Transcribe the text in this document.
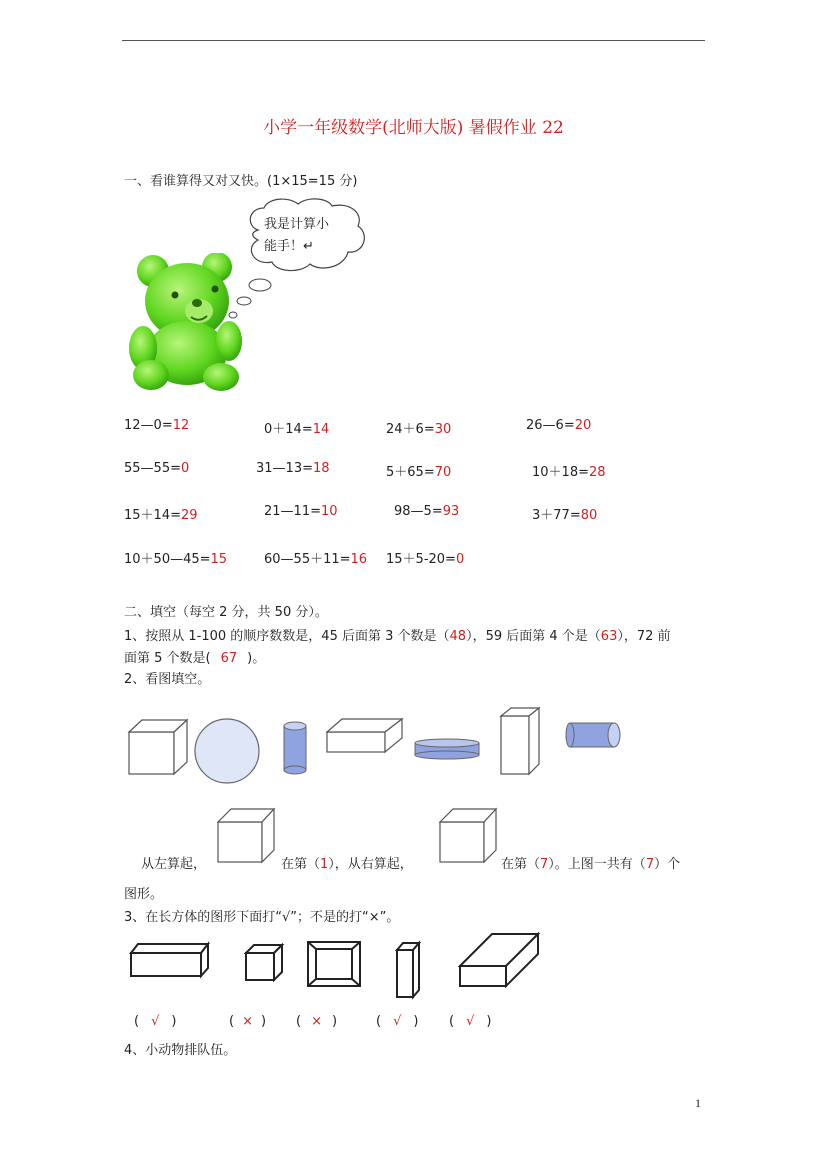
小学一年级数学(北师大版) 暑假作业 22
一、看谁算得又对又快。(1×15=15 分)
我是计算小
能手！↵
12—0=12	0＋14=14	24＋6=30	26—6=20
55—55=0	31—13=18	5＋65=70	10＋18=28
15＋14=29	21—11=10	98—5=93	3＋77=80
10＋50—45=15	60—55＋11=16 15＋5-20=0
二、填空（每空 2 分，共 50 分）。
1、按照从 1-100 的顺序数数是，45 后面第 3 个数是（48），59 后面第 4 个是（63），72 前
面第 5 个数是( 67 )。
2、看图填空。
从左算起，	在第（1），从右算起，	在第（7）。上图一共有（7）个
图形。
3、在长方体的图形下面打“√”；不是的打“×”。
( √ )	( × ) ( × )	( √ ) ( √ )
4、小动物排队伍。
1
